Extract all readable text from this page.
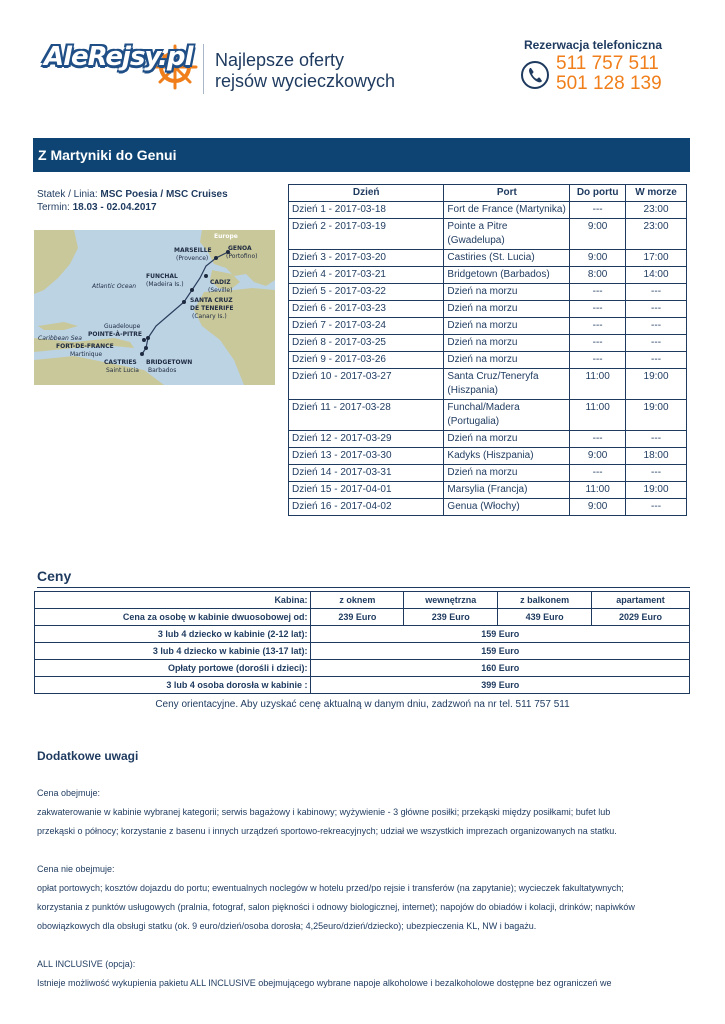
AleRejsy.pl Najlepsze oferty
rejsów wycieczkowych
Rezerwacja telefoniczna
511 757 511
501 128 139
Z Martyniki do Genui
Statek / Linia: MSC Poesia / MSC Cruises
Termin: 18.03 - 02.04.2017
Europe
MARSEILLE
(Provence)
GENOA
(Portofino)
FUNCHAL
(Madeira Is.)	CADIZ
(Seville)
Atlantic Ocean
SANTA CRUZ
DE TENERIFE
(Canary Is.)
Guadeloupe
POINTE-À-PITRE
Caribbean Sea
FORT-DE-FRANCE
Martinique
CASTRIES BRIDGETOWN
Saint Lucia Barbados
Dzień	Port	Do portu	W morze
Dzień 1 - 2017-03-18	Fort de France (Martynika)	---	23:00
Dzień 2 - 2017-03-19	Pointe a Pitre (Gwadelupa)	9:00	23:00
Dzień 3 - 2017-03-20	Castiries (St. Lucia)	9:00	17:00
Dzień 4 - 2017-03-21	Bridgetown (Barbados)	8:00	14:00
Dzień 5 - 2017-03-22	Dzień na morzu	---	---
Dzień 6 - 2017-03-23	Dzień na morzu	---	---
Dzień 7 - 2017-03-24	Dzień na morzu	---	---
Dzień 8 - 2017-03-25	Dzień na morzu	---	---
Dzień 9 - 2017-03-26	Dzień na morzu	---	---
Dzień 10 - 2017-03-27	Santa Cruz/Teneryfa (Hiszpania)	11:00	19:00
Dzień 11 - 2017-03-28	Funchal/Madera (Portugalia)	11:00	19:00
Dzień 12 - 2017-03-29	Dzień na morzu	---	---
Dzień 13 - 2017-03-30	Kadyks (Hiszpania)	9:00	18:00
Dzień 14 - 2017-03-31	Dzień na morzu	---	---
Dzień 15 - 2017-04-01	Marsylia (Francja)	11:00	19:00
Dzień 16 - 2017-04-02	Genua (Włochy)	9:00	---
Ceny
Kabina:	z oknem	wewnętrzna	z balkonem	apartament
Cena za osobę w kabinie dwuosobowej od:	239 Euro	239 Euro	439 Euro	2029 Euro
3 lub 4 dziecko w kabinie (2-12 lat):	159 Euro			
3 lub 4 dziecko w kabinie (13-17 lat):	159 Euro			
Opłaty portowe (dorośli i dzieci):	160 Euro			
3 lub 4 osoba dorosła w kabinie :	399 Euro			
Ceny orientacyjne. Aby uzyskać cenę aktualną w danym dniu, zadzwoń na nr tel. 511 757 511
Dodatkowe uwagi

Cena obejmuje:

zakwaterowanie w kabinie wybranej kategorii; serwis bagażowy i kabinowy; wyżywienie - 3 główne posiłki; przekąski między posiłkami; bufet lub

przekąski o północy; korzystanie z basenu i innych urządzeń sportowo-rekreacyjnych; udział we wszystkich imprezach organizowanych na statku.

Cena nie obejmuje:

opłat portowych; kosztów dojazdu do portu; ewentualnych noclegów w hotelu przed/po rejsie i transferów (na zapytanie); wycieczek fakultatywnych;

korzystania z punktów usługowych (pralnia, fotograf, salon piękności i odnowy biologicznej, internet); napojów do obiadów i kolacji, drinków; napiwków

obowiązkowych dla obsługi statku (ok. 9 euro/dzień/osoba dorosła; 4,25euro/dzień/dziecko); ubezpieczenia KL, NW i bagażu.

ALL INCLUSIVE (opcja):

Istnieje możliwość wykupienia pakietu ALL INCLUSIVE obejmującego wybrane napoje alkoholowe i bezalkoholowe dostępne bez ograniczeń we
